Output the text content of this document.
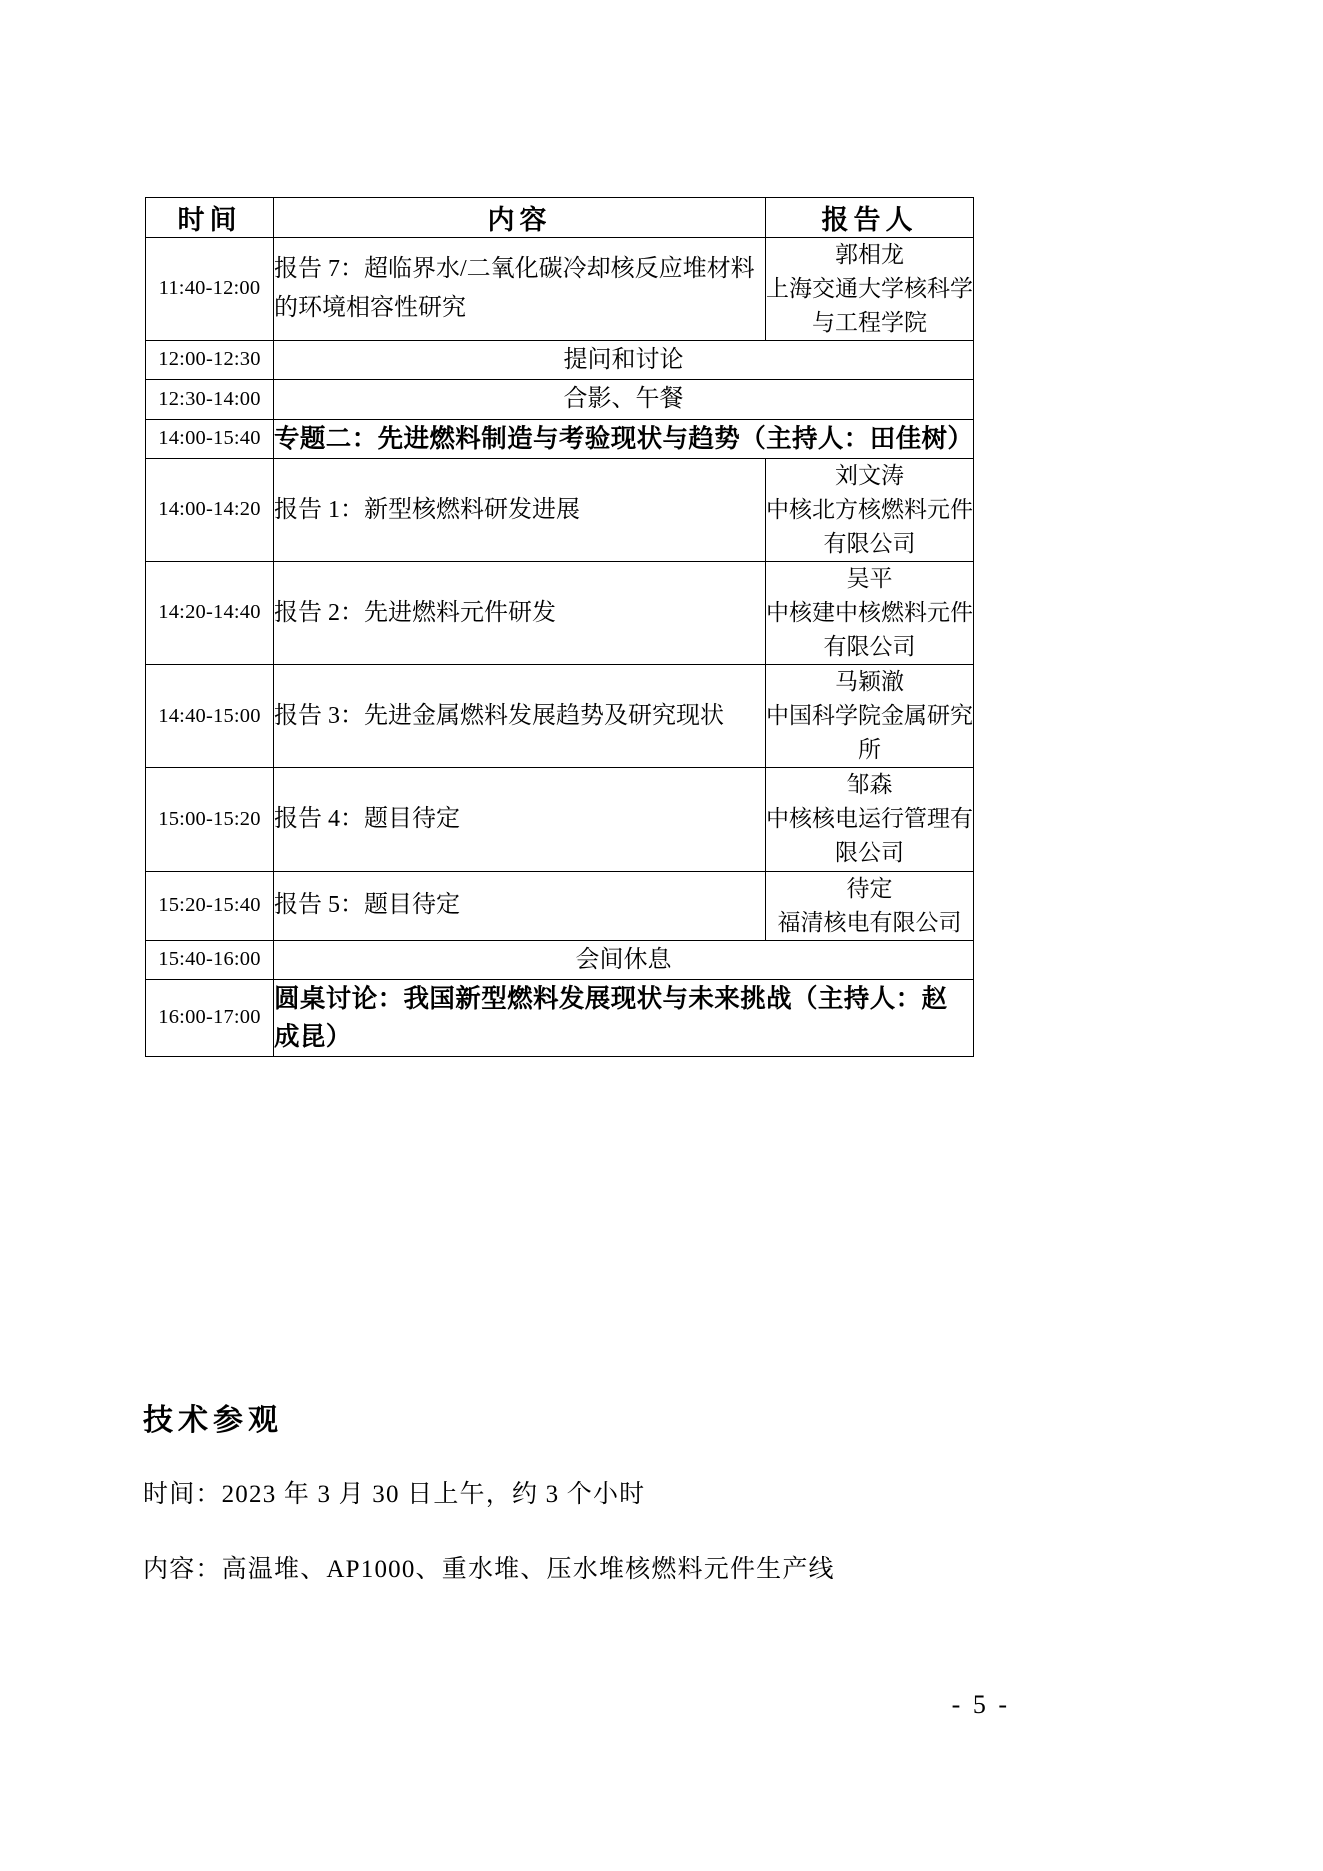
时间	内容	报告人
11:40-12:00	报告 7：超临界水/二氧化碳冷却核反应堆材料的环境相容性研究	郭相龙
上海交通大学核科学与工程学院

12:00-12:30	提问和讨论	
12:30-14:00	合影、午餐	
14:00-15:40	专题二：先进燃料制造与考验现状与趋势（主持人：田佳树）	
14:00-14:20	报告 1：新型核燃料研发进展	刘文涛
中核北方核燃料元件有限公司

14:20-14:40	报告 2：先进燃料元件研发	吴平
中核建中核燃料元件有限公司

14:40-15:00	报告 3：先进金属燃料发展趋势及研究现状	马颖澈
中国科学院金属研究所

15:00-15:20	报告 4：题目待定	邹森
中核核电运行管理有限公司

15:20-15:40	报告 5：题目待定	待定
福清核电有限公司

15:40-16:00	会间休息	
16:00-17:00	圆桌讨论：我国新型燃料发展现状与未来挑战（主持人：赵成昆）	
技术参观
时间：2023 年 3 月 30 日上午，约 3 个小时
内容：高温堆、AP1000、重水堆、压水堆核燃料元件生产线
- 5 -
